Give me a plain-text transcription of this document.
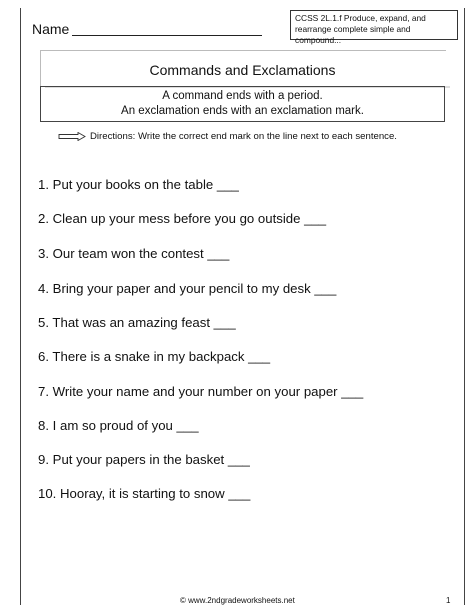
Name
CCSS 2L.1.f Produce, expand, and
rearrange complete simple and compound...
Commands and Exclamations
A command ends with a period.
An exclamation ends with an exclamation mark.
Directions: Write the correct end mark on the line next to each sentence.
1. Put your books on the table ___
2. Clean up your mess before you go outside ___
3. Our team won the contest ___
4. Bring your paper and your pencil to my desk ___
5. That was an amazing feast ___
6. There is a snake in my backpack ___
7. Write your name and your number on your paper ___
8. I am so proud of you ___
9. Put your papers in the basket ___
10. Hooray, it is starting to snow ___
© www.2ndgradeworksheets.net	1
